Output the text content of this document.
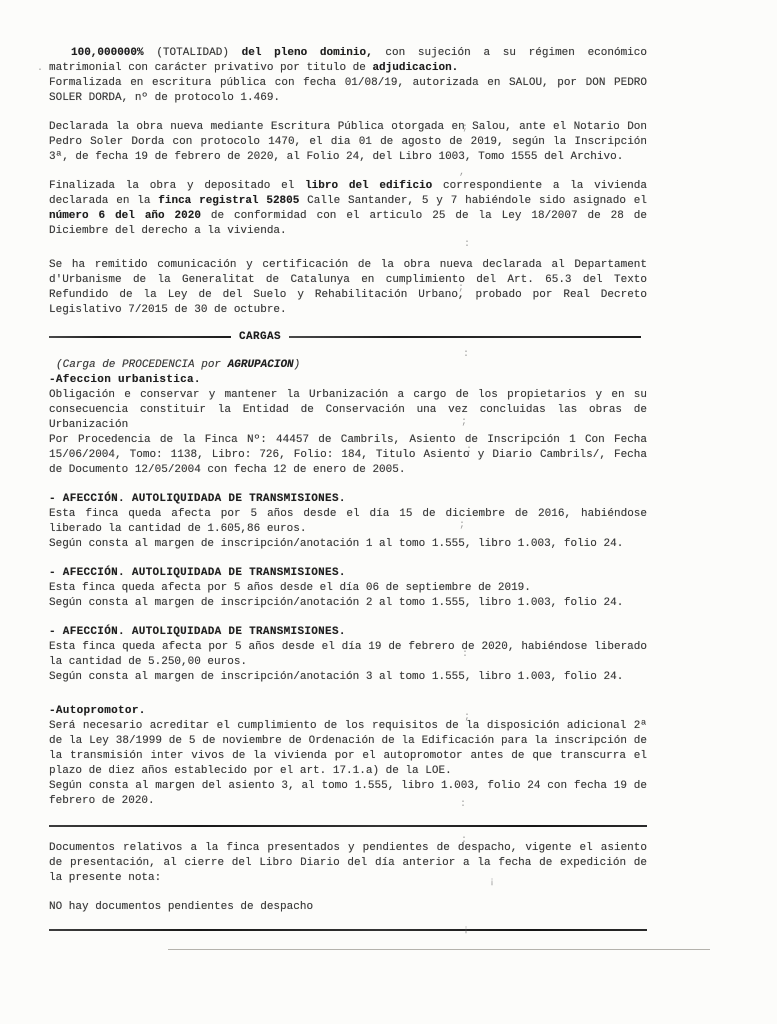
100,000000% (TOTALIDAD) del pleno dominio, con sujeción a su régimen económico matrimonial con carácter privativo por titulo de adjudicacion.

Formalizada en escritura pública con fecha 01/08/19, autorizada en SALOU, por DON PEDRO SOLER DORDA, nº de protocolo 1.469.

Declarada la obra nueva mediante Escritura Pública otorgada en Salou, ante el Notario Don Pedro Soler Dorda con protocolo 1470, el dia 01 de agosto de 2019, según la Inscripción 3ª, de fecha 19 de febrero de 2020, al Folio 24, del Libro 1003, Tomo 1555 del Archivo.

Finalizada la obra y depositado el libro del edificio correspondiente a la vivienda declarada en la finca registral 52805 Calle Santander, 5 y 7 habiéndole sido asignado el número 6 del año 2020 de conformidad con el articulo 25 de la Ley 18/2007 de 28 de Diciembre del derecho a la vivienda.

Se ha remitido comunicación y certificación de la obra nueva declarada al Departament d'Urbanisme de la Generalitat de Catalunya en cumplimiento del Art. 65.3 del Texto Refundido de la Ley de del Suelo y Rehabilitación Urbano, probado por Real Decreto Legislativo 7/2015 de 30 de octubre.

CARGAS

(Carga de PROCEDENCIA por AGRUPACION)

-Afeccion urbanistica.

Obligación e conservar y mantener la Urbanización a cargo de los propietarios y en su consecuencia constituir la Entidad de Conservación una vez concluidas las obras de Urbanización

Por Procedencia de la Finca Nº: 44457 de Cambrils, Asiento de Inscripción 1 Con Fecha 15/06/2004, Tomo: 1138, Libro: 726, Folio: 184, Titulo Asiento y Diario Cambrils/, Fecha de Documento 12/05/2004 con fecha 12 de enero de 2005.

- AFECCIÓN. AUTOLIQUIDADA DE TRANSMISIONES.

Esta finca queda afecta por 5 años desde el día 15 de diciembre de 2016, habiéndose liberado la cantidad de 1.605,86 euros.

Según consta al margen de inscripción/anotación 1 al tomo 1.555, libro 1.003, folio 24.

- AFECCIÓN. AUTOLIQUIDADA DE TRANSMISIONES.

Esta finca queda afecta por 5 años desde el día 06 de septiembre de 2019.

Según consta al margen de inscripción/anotación 2 al tomo 1.555, libro 1.003, folio 24.

- AFECCIÓN. AUTOLIQUIDADA DE TRANSMISIONES.

Esta finca queda afecta por 5 años desde el día 19 de febrero de 2020, habiéndose liberado la cantidad de 5.250,00 euros.

Según consta al margen de inscripción/anotación 3 al tomo 1.555, libro 1.003, folio 24.

-Autopromotor.

Será necesario acreditar el cumplimiento de los requisitos de la disposición adicional 2ª de la Ley 38/1999 de 5 de noviembre de Ordenación de la Edificación para la inscripción de la transmisión inter vivos de la vivienda por el autopromotor antes de que transcurra el plazo de diez años establecido por el art. 17.1.a) de la LOE.

Según consta al margen del asiento 3, al tomo 1.555, libro 1.003, folio 24 con fecha 19 de febrero de 2020.

Documentos relativos a la finca presentados y pendientes de despacho, vigente el asiento de presentación, al cierre del Libro Diario del día anterior a la fecha de expedición de la presente nota:

NO hay documentos pendientes de despacho

·
;
,
:
;
:
;
:
;
:
;
:
:
¡
¡
